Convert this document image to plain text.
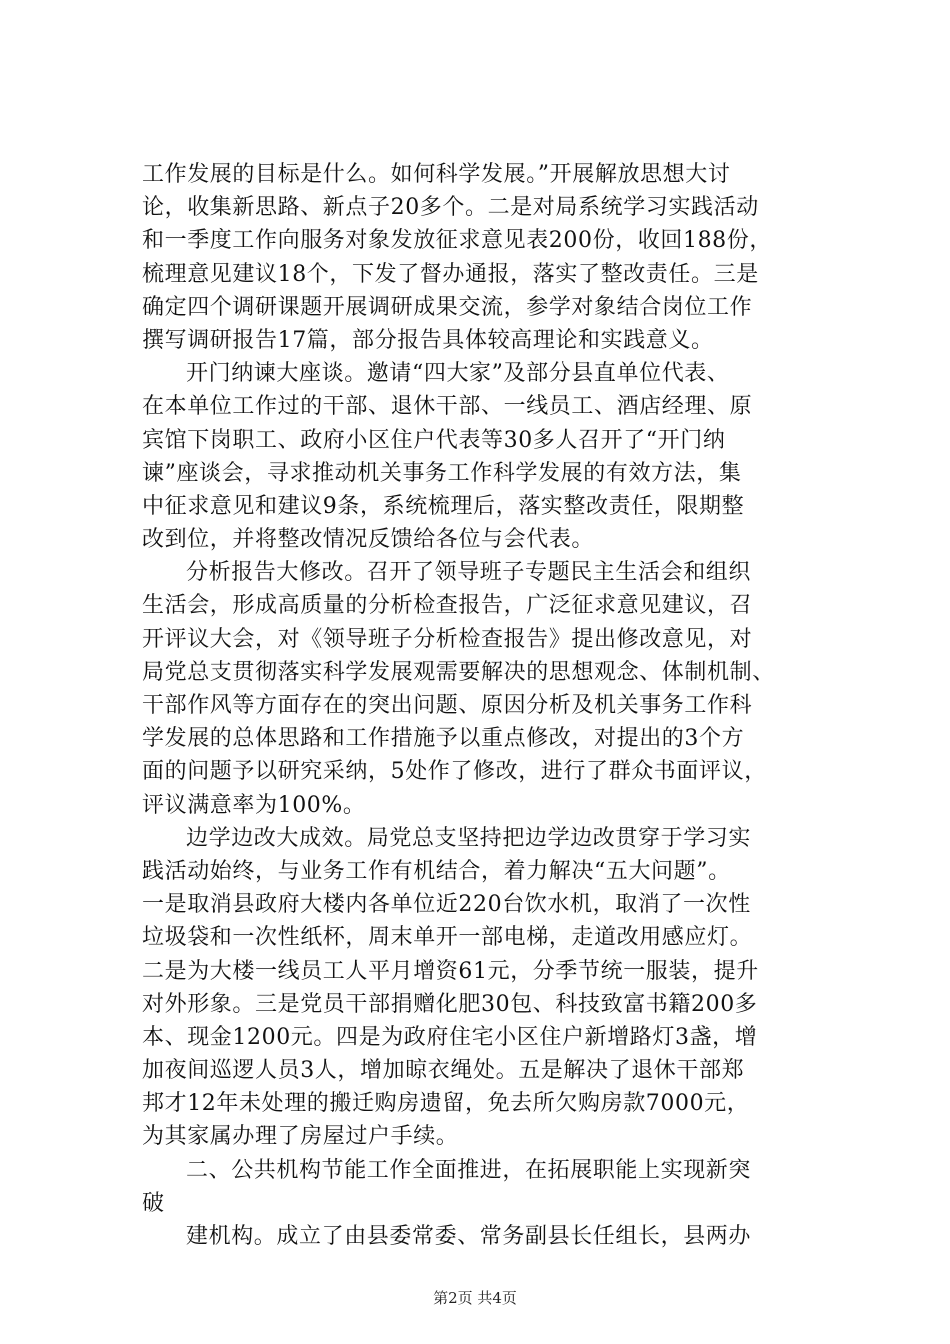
工作发展的目标是什么。如何科学发展。”开展解放思想大讨
论，收集新思路、新点子20多个。二是对局系统学习实践活动
和一季度工作向服务对象发放征求意见表200份，收回188份，
梳理意见建议18个，下发了督办通报，落实了整改责任。三是
确定四个调研课题开展调研成果交流，参学对象结合岗位工作
撰写调研报告17篇，部分报告具体较高理论和实践意义。
开门纳谏大座谈。邀请“四大家”及部分县直单位代表、
在本单位工作过的干部、退休干部、一线员工、酒店经理、原
宾馆下岗职工、政府小区住户代表等30多人召开了“开门纳
谏”座谈会，寻求推动机关事务工作科学发展的有效方法，集
中征求意见和建议9条，系统梳理后，落实整改责任，限期整
改到位，并将整改情况反馈给各位与会代表。
分析报告大修改。召开了领导班子专题民主生活会和组织
生活会，形成高质量的分析检查报告，广泛征求意见建议，召
开评议大会，对《领导班子分析检查报告》提出修改意见，对
局党总支贯彻落实科学发展观需要解决的思想观念、体制机制、
干部作风等方面存在的突出问题、原因分析及机关事务工作科
学发展的总体思路和工作措施予以重点修改，对提出的3个方
面的问题予以研究采纳，5处作了修改，进行了群众书面评议，
评议满意率为100%。
边学边改大成效。局党总支坚持把边学边改贯穿于学习实
践活动始终，与业务工作有机结合，着力解决“五大问题”。
一是取消县政府大楼内各单位近220台饮水机，取消了一次性
垃圾袋和一次性纸杯，周末单开一部电梯，走道改用感应灯。
二是为大楼一线员工人平月增资61元，分季节统一服装，提升
对外形象。三是党员干部捐赠化肥30包、科技致富书籍200多
本、现金1200元。四是为政府住宅小区住户新增路灯3盏，增
加夜间巡逻人员3人，增加晾衣绳处。五是解决了退休干部郑
邦才12年未处理的搬迁购房遗留，免去所欠购房款7000元，
为其家属办理了房屋过户手续。
二、公共机构节能工作全面推进，在拓展职能上实现新突
破
建机构。成立了由县委常委、常务副县长任组长，县两办
第2页 共4页
